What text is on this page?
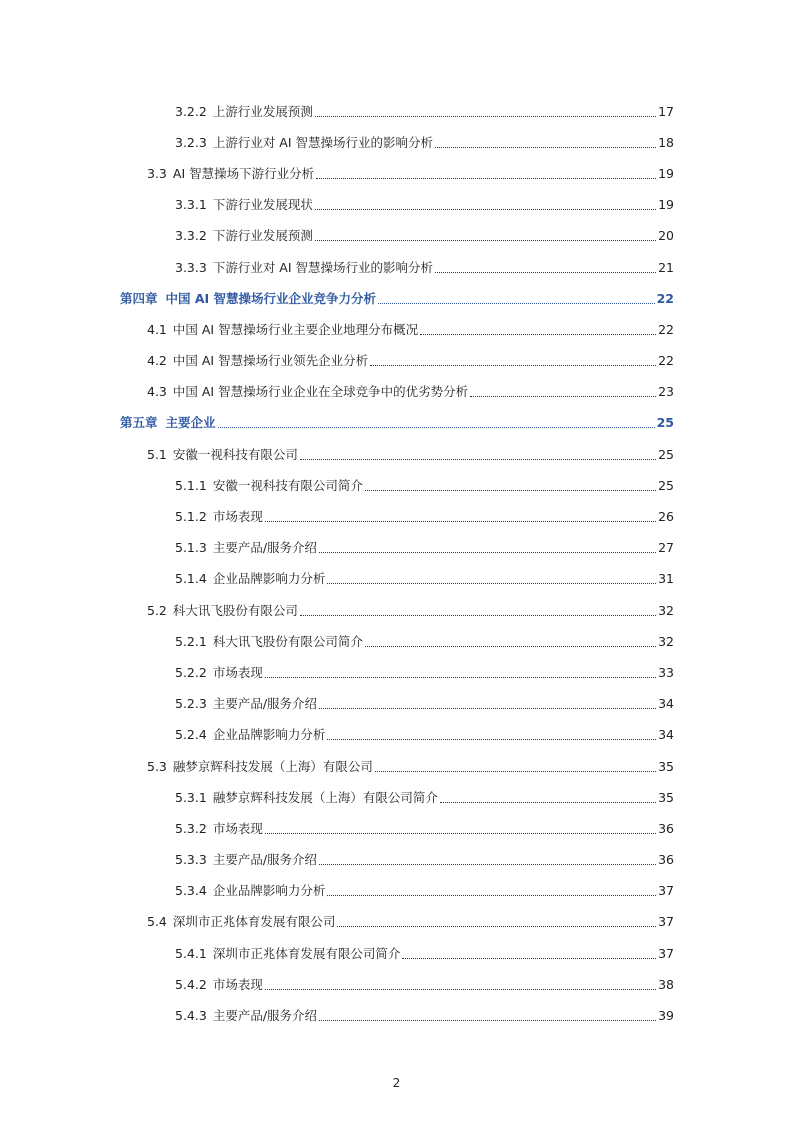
3.2.2 上游行业发展预测	17
3.2.3 上游行业对 AI 智慧操场行业的影响分析	18
3.3 AI 智慧操场下游行业分析	19
3.3.1 下游行业发展现状	19
3.3.2 下游行业发展预测	20
3.3.3 下游行业对 AI 智慧操场行业的影响分析	21
第四章 中国 AI 智慧操场行业企业竞争力分析	22
4.1 中国 AI 智慧操场行业主要企业地理分布概况	22
4.2 中国 AI 智慧操场行业领先企业分析	22
4.3 中国 AI 智慧操场行业企业在全球竞争中的优劣势分析	23
第五章 主要企业	25
5.1 安徽一视科技有限公司	25
5.1.1 安徽一视科技有限公司简介	25
5.1.2 市场表现	26
5.1.3 主要产品/服务介绍	27
5.1.4 企业品牌影响力分析	31
5.2 科大讯飞股份有限公司	32
5.2.1 科大讯飞股份有限公司简介	32
5.2.2 市场表现	33
5.2.3 主要产品/服务介绍	34
5.2.4 企业品牌影响力分析	34
5.3 融梦京辉科技发展（上海）有限公司	35
5.3.1 融梦京辉科技发展（上海）有限公司简介	35
5.3.2 市场表现	36
5.3.3 主要产品/服务介绍	36
5.3.4 企业品牌影响力分析	37
5.4 深圳市正兆体育发展有限公司	37
5.4.1 深圳市正兆体育发展有限公司简介	37
5.4.2 市场表现	38
5.4.3 主要产品/服务介绍	39
2
